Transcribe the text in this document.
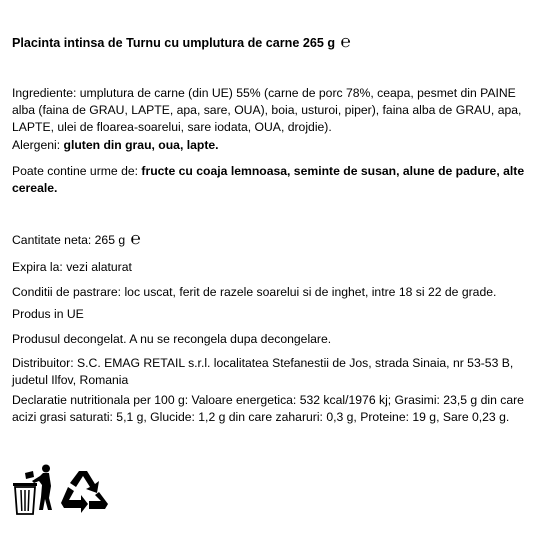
Placinta intinsa de Turnu cu umplutura de carne 265 g ℮

Ingrediente: umplutura de carne (din UE) 55% (carne de porc 78%, ceapa, pesmet din PAINE alba (faina de GRAU, LAPTE, apa, sare, OUA), boia, usturoi, piper), faina alba de GRAU, apa, LAPTE, ulei de floarea-soarelui, sare iodata, OUA, drojdie).

Alergeni: gluten din grau, oua, lapte.

Poate contine urme de: fructe cu coaja lemnoasa, seminte de susan, alune de padure, alte cereale.

Cantitate neta: 265 g ℮

Expira la: vezi alaturat

Conditii de pastrare: loc uscat, ferit de razele soarelui si de inghet, intre 18 si 22 de grade.

Produs in UE

Produsul decongelat. A nu se recongela dupa decongelare.

Distribuitor: S.C. EMAG RETAIL s.r.l. localitatea Stefanestii de Jos, strada Sinaia, nr 53-53 B, judetul Ilfov, Romania

Declaratie nutritionala per 100 g: Valoare energetica: 532 kcal/1976 kj; Grasimi: 23,5 g din care acizi grasi saturati: 5,1 g, Glucide: 1,2 g din care zaharuri: 0,3 g, Proteine: 19 g, Sare 0,23 g.
